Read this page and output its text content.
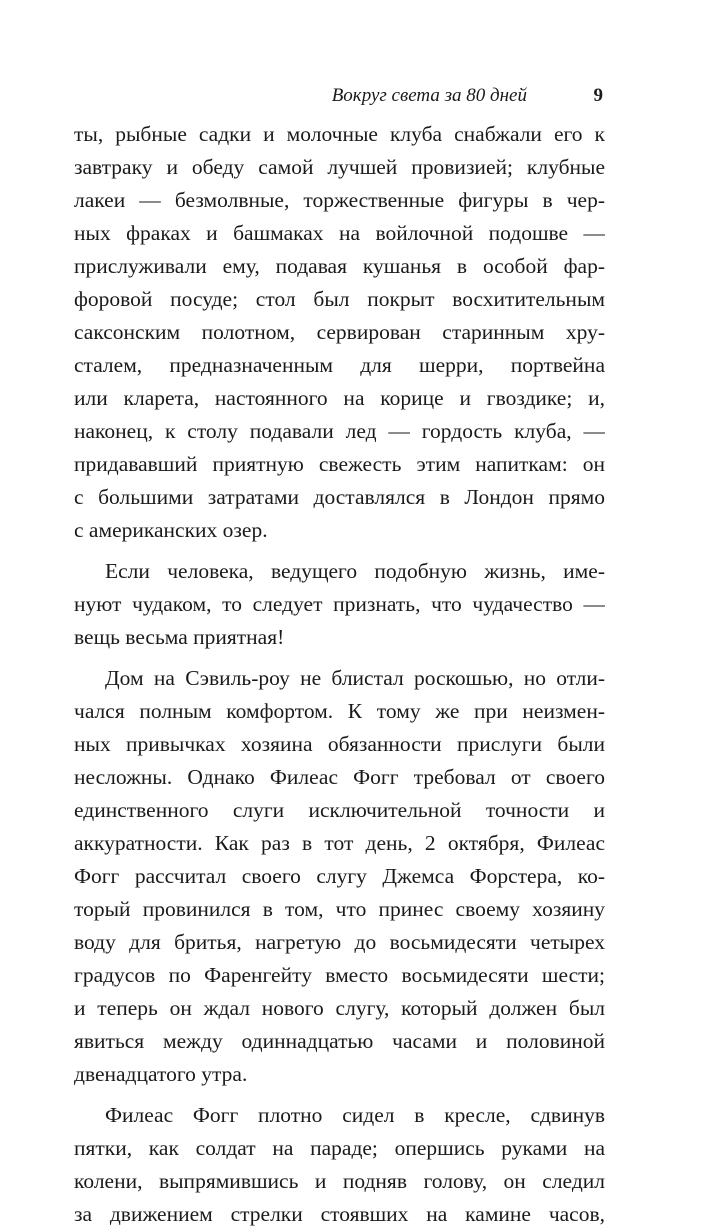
Вокруг света за 80 дней	9
ты, рыбные садки и молочные клуба снабжали его к
завтраку и обеду самой лучшей провизией; клубные
лакеи — безмолвные, торжественные фигуры в чер-
ных фраках и башмаках на войлочной подошве —
прислуживали ему, подавая кушанья в особой фар-
форовой посуде; стол был покрыт восхитительным
саксонским полотном, сервирован старинным хру-
сталем, предназначенным для шерри, портвейна
или кларета, настоянного на корице и гвоздике; и,
наконец, к столу подавали лед — гордость клуба, —
придававший приятную свежесть этим напиткам: он
с большими затратами доставлялся в Лондон прямо
с американских озер.
Если человека, ведущего подобную жизнь, име-
нуют чудаком, то следует признать, что чудачество —
вещь весьма приятная!
Дом на Сэвиль-роу не блистал роскошью, но отли-
чался полным комфортом. К тому же при неизмен-
ных привычках хозяина обязанности прислуги были
несложны. Однако Филеас Фогг требовал от своего
единственного слуги исключительной точности и
аккуратности. Как раз в тот день, 2 октября, Филеас
Фогг рассчитал своего слугу Джемса Форстера, ко-
торый провинился в том, что принес своему хозяину
воду для бритья, нагретую до восьмидесяти четырех
градусов по Фаренгейту вместо восьмидесяти шести;
и теперь он ждал нового слугу, который должен был
явиться между одиннадцатью часами и половиной
двенадцатого утра.
Филеас Фогг плотно сидел в кресле, сдвинув
пятки, как солдат на параде; опершись руками на
колени, выпрямившись и подняв голову, он следил
за движением стрелки стоявших на камине часов,
